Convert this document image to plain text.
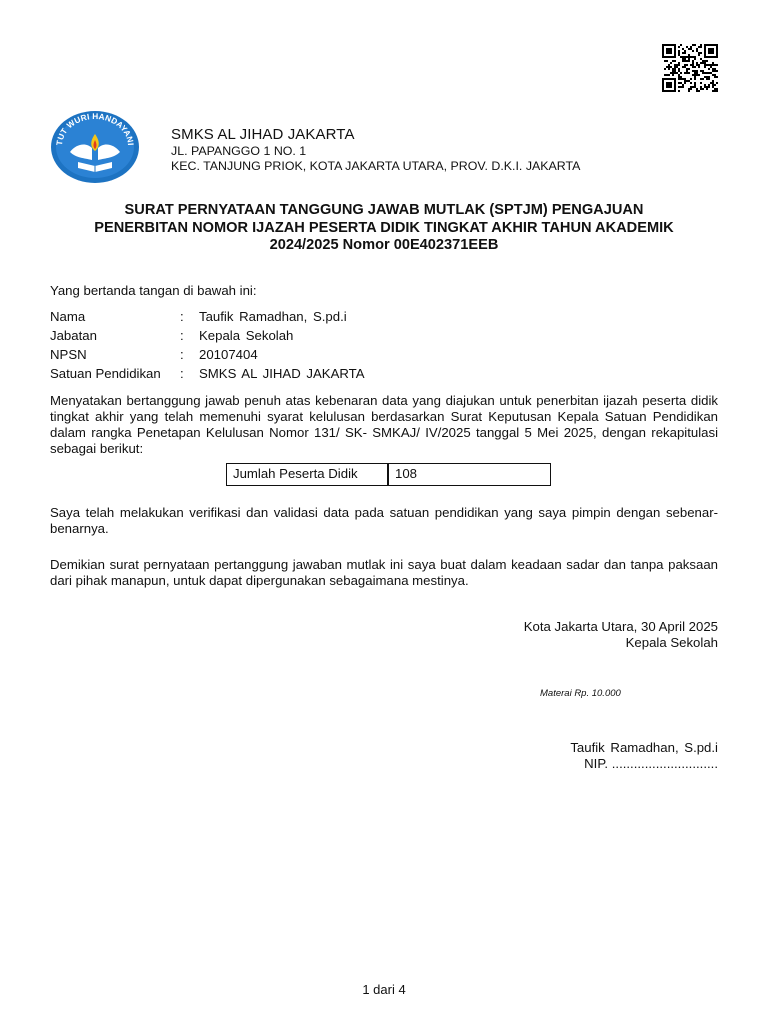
TUT WURI HANDAYANI
SMKS AL JIHAD JAKARTA
JL. PAPANGGO 1 NO. 1
KEC. TANJUNG PRIOK, KOTA JAKARTA UTARA, PROV. D.K.I. JAKARTA
SURAT PERNYATAAN TANGGUNG JAWAB MUTLAK (SPTJM) PENGAJUAN
PENERBITAN NOMOR IJAZAH PESERTA DIDIK TINGKAT AKHIR TAHUN AKADEMIK
2024/2025 Nomor 00E402371EEB
Yang bertanda tangan di bawah ini:
Nama	:	Taufik Ramadhan, S.pd.i
Jabatan	:	Kepala Sekolah
NPSN	:	20107404
Satuan Pendidikan	:	SMKS AL JIHAD JAKARTA
Menyatakan bertanggung jawab penuh atas kebenaran data yang diajukan untuk penerbitan ijazah peserta didik tingkat akhir yang telah memenuhi syarat kelulusan berdasarkan Surat Keputusan Kepala Satuan Pendidikan dalam rangka Penetapan Kelulusan Nomor 131/ SK- SMKAJ/ IV/2025 tanggal 5 Mei 2025, dengan rekapitulasi sebagai berikut:
Jumlah Peserta Didik	108
Saya telah melakukan verifikasi dan validasi data pada satuan pendidikan yang saya pimpin dengan sebenar-benarnya.
Demikian surat pernyataan pertanggung jawaban mutlak ini saya buat dalam keadaan sadar dan tanpa paksaan dari pihak manapun, untuk dapat dipergunakan sebagaimana mestinya.
Kota Jakarta Utara, 30 April 2025
Kepala Sekolah
Materai Rp. 10.000
Taufik Ramadhan, S.pd.i
NIP. .............................
1 dari 4
